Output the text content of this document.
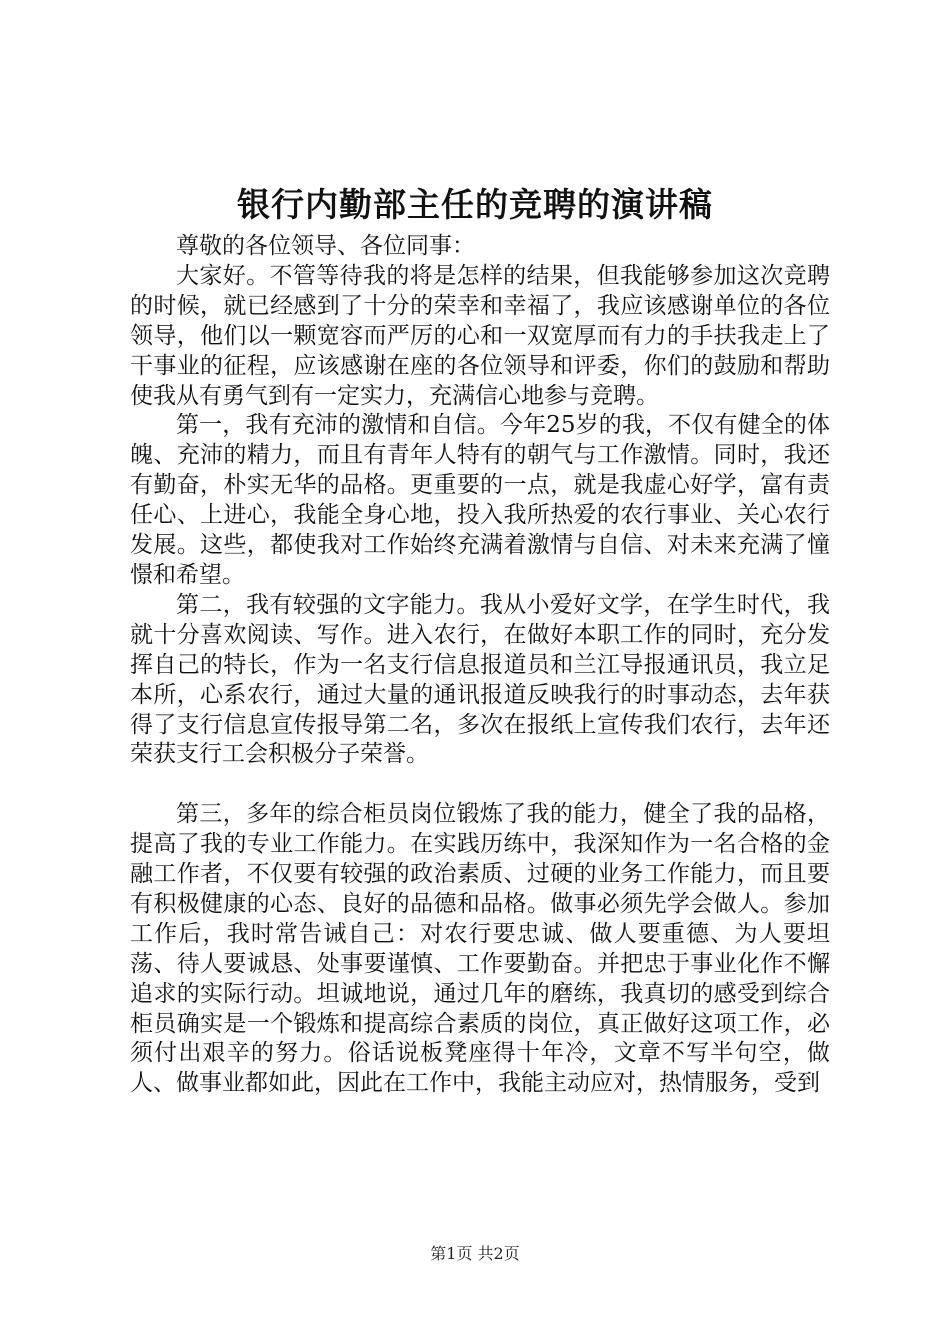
银行内勤部主任的竞聘的演讲稿

尊敬的各位领导、各位同事：

大家好。不管等待我的将是怎样的结果，但我能够参加这次竞聘的时候，就已经感到了十分的荣幸和幸福了，我应该感谢单位的各位领导，他们以一颗宽容而严厉的心和一双宽厚而有力的手扶我走上了干事业的征程，应该感谢在座的各位领导和评委，你们的鼓励和帮助使我从有勇气到有一定实力，充满信心地参与竞聘。

第一，我有充沛的激情和自信。今年25岁的我，不仅有健全的体魄、充沛的精力，而且有青年人特有的朝气与工作激情。同时，我还有勤奋，朴实无华的品格。更重要的一点，就是我虚心好学，富有责任心、上进心，我能全身心地，投入我所热爱的农行事业、关心农行发展。这些，都使我对工作始终充满着激情与自信、对未来充满了憧憬和希望。

第二，我有较强的文字能力。我从小爱好文学，在学生时代，我就十分喜欢阅读、写作。进入农行，在做好本职工作的同时，充分发挥自己的特长，作为一名支行信息报道员和兰江导报通讯员，我立足本所，心系农行，通过大量的通讯报道反映我行的时事动态，去年获得了支行信息宣传报导第二名，多次在报纸上宣传我们农行，去年还荣获支行工会积极分子荣誉。

第三，多年的综合柜员岗位锻炼了我的能力，健全了我的品格，提高了我的专业工作能力。在实践历练中，我深知作为一名合格的金融工作者，不仅要有较强的政治素质、过硬的业务工作能力，而且要有积极健康的心态、良好的品德和品格。做事必须先学会做人。参加工作后，我时常告诫自己：对农行要忠诚、做人要重德、为人要坦荡、待人要诚恳、处事要谨慎、工作要勤奋。并把忠于事业化作不懈追求的实际行动。坦诚地说，通过几年的磨练，我真切的感受到综合柜员确实是一个锻炼和提高综合素质的岗位，真正做好这项工作，必须付出艰辛的努力。俗话说板凳座得十年冷，文章不写半句空，做人、做事业都如此，因此在工作中，我能主动应对，热情服务，受到

第1页 共2页
